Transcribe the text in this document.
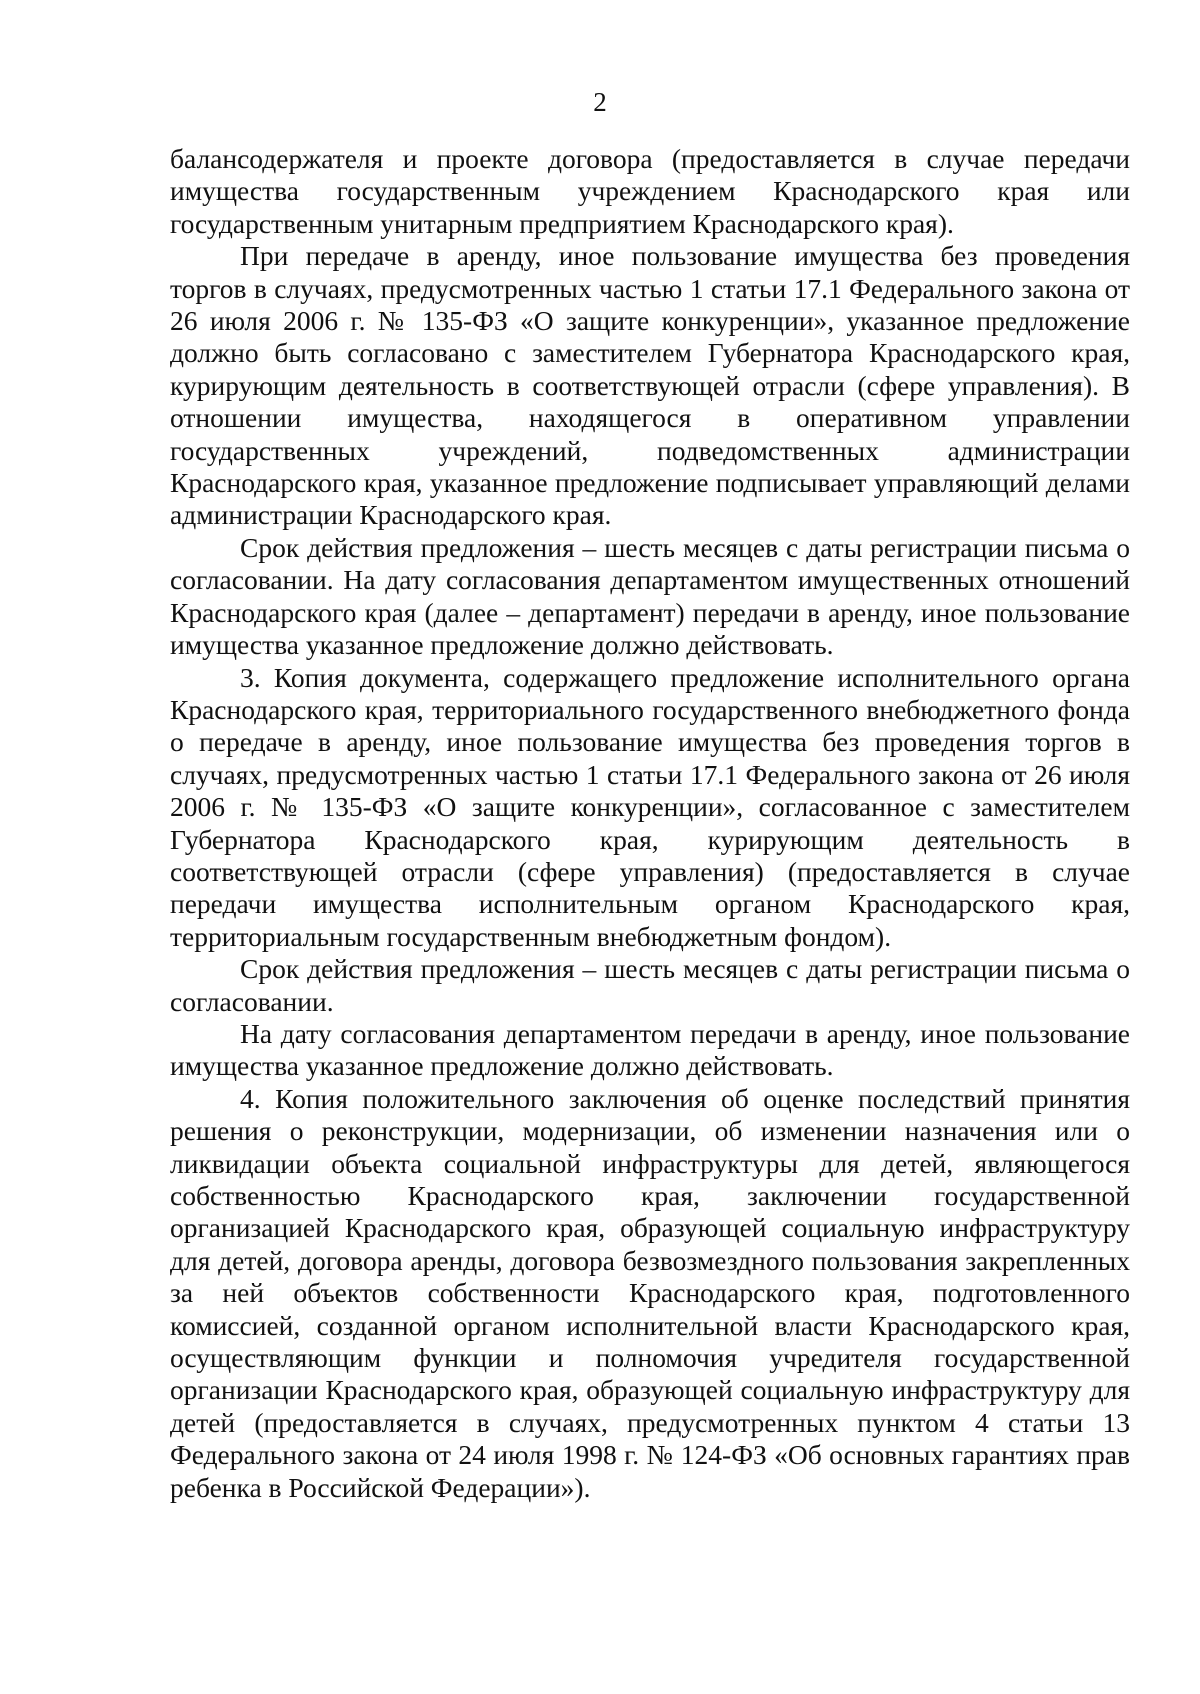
2

балансодержателя и проекте договора (предоставляется в случае передачи имущества государственным учреждением Краснодарского края или государственным унитарным предприятием Краснодарского края).

При передаче в аренду, иное пользование имущества без проведения торгов в случаях, предусмотренных частью 1 статьи 17.1 Федерального закона от 26 июля 2006 г. № 135-ФЗ «О защите конкуренции», указанное предложение должно быть согласовано с заместителем Губернатора Краснодарского края, курирующим деятельность в соответствующей отрасли (сфере управления). В отношении имущества, находящегося в оперативном управлении государственных учреждений, подведомственных администрации Краснодарского края, указанное предложение подписывает управляющий делами администрации Краснодарского края.

Срок действия предложения – шесть месяцев с даты регистрации письма о согласовании. На дату согласования департаментом имущественных отношений Краснодарского края (далее – департамент) передачи в аренду, иное пользование имущества указанное предложение должно действовать.

3. Копия документа, содержащего предложение исполнительного органа Краснодарского края, территориального государственного внебюджетного фонда о передаче в аренду, иное пользование имущества без проведения торгов в случаях, предусмотренных частью 1 статьи 17.1 Федерального закона от 26 июля 2006 г. № 135-ФЗ «О защите конкуренции», согласованное с заместителем Губернатора Краснодарского края, курирующим деятельность в соответствующей отрасли (сфере управления) (предоставляется в случае передачи имущества исполнительным органом Краснодарского края, территориальным государственным внебюджетным фондом).

Срок действия предложения – шесть месяцев с даты регистрации письма о согласовании.

На дату согласования департаментом передачи в аренду, иное пользование имущества указанное предложение должно действовать.

4. Копия положительного заключения об оценке последствий принятия решения о реконструкции, модернизации, об изменении назначения или о ликвидации объекта социальной инфраструктуры для детей, являющегося собственностью Краснодарского края, заключении государственной организацией Краснодарского края, образующей социальную инфраструктуру для детей, договора аренды, договора безвозмездного пользования закрепленных за ней объектов собственности Краснодарского края, подготовленного комиссией, созданной органом исполнительной власти Краснодарского края, осуществляющим функции и полномочия учредителя государственной организации Краснодарского края, образующей социальную инфраструктуру для детей (предоставляется в случаях, предусмотренных пунктом 4 статьи 13 Федерального закона от 24 июля 1998 г. № 124-ФЗ «Об основных гарантиях прав ребенка в Российской Федерации»).
